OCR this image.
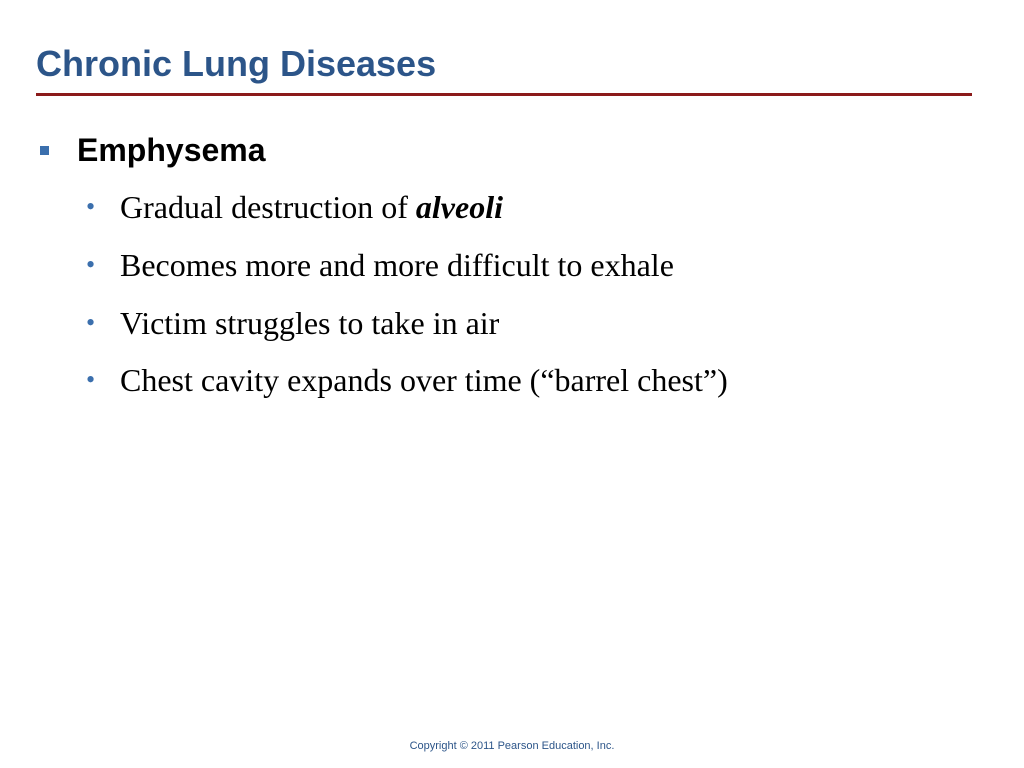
Chronic Lung Diseases
Emphysema
• Gradual destruction of alveoli
• Becomes more and more difficult to exhale
• Victim struggles to take in air
• Chest cavity expands over time (“barrel chest”)
Copyright © 2011 Pearson Education, Inc.
